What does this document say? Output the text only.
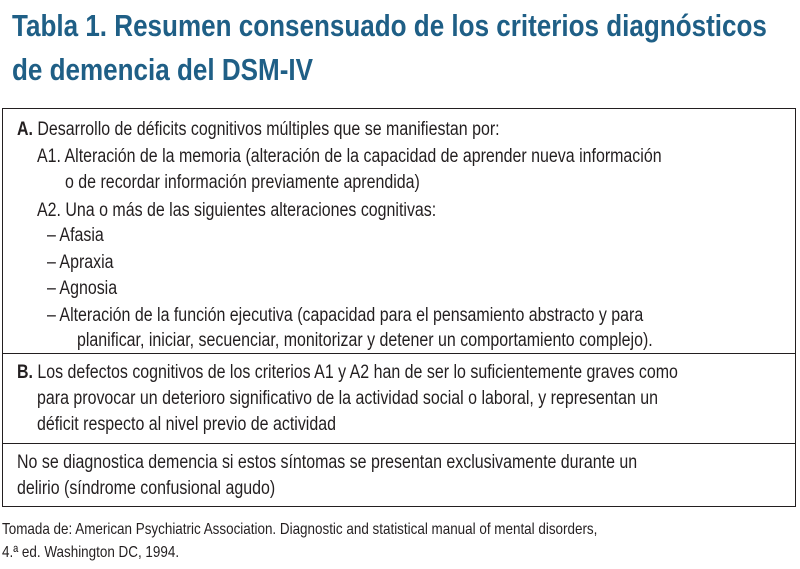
Tabla 1. Resumen consensuado de los criterios diagnósticos
de demencia del DSM-IV
A. Desarrollo de déficits cognitivos múltiples que se manifiestan por:
A1. Alteración de la memoria (alteración de la capacidad de aprender nueva información
o de recordar información previamente aprendida)
A2. Una o más de las siguientes alteraciones cognitivas:
– Afasia
– Apraxia
– Agnosia
– Alteración de la función ejecutiva (capacidad para el pensamiento abstracto y para
planificar, iniciar, secuenciar, monitorizar y detener un comportamiento complejo).
B. Los defectos cognitivos de los criterios A1 y A2 han de ser lo suficientemente graves como
para provocar un deterioro significativo de la actividad social o laboral, y representan un
déficit respecto al nivel previo de actividad
No se diagnostica demencia si estos síntomas se presentan exclusivamente durante un
delirio (síndrome confusional agudo)
Tomada de: American Psychiatric Association. Diagnostic and statistical manual of mental disorders,
4.ª ed. Washington DC, 1994.
